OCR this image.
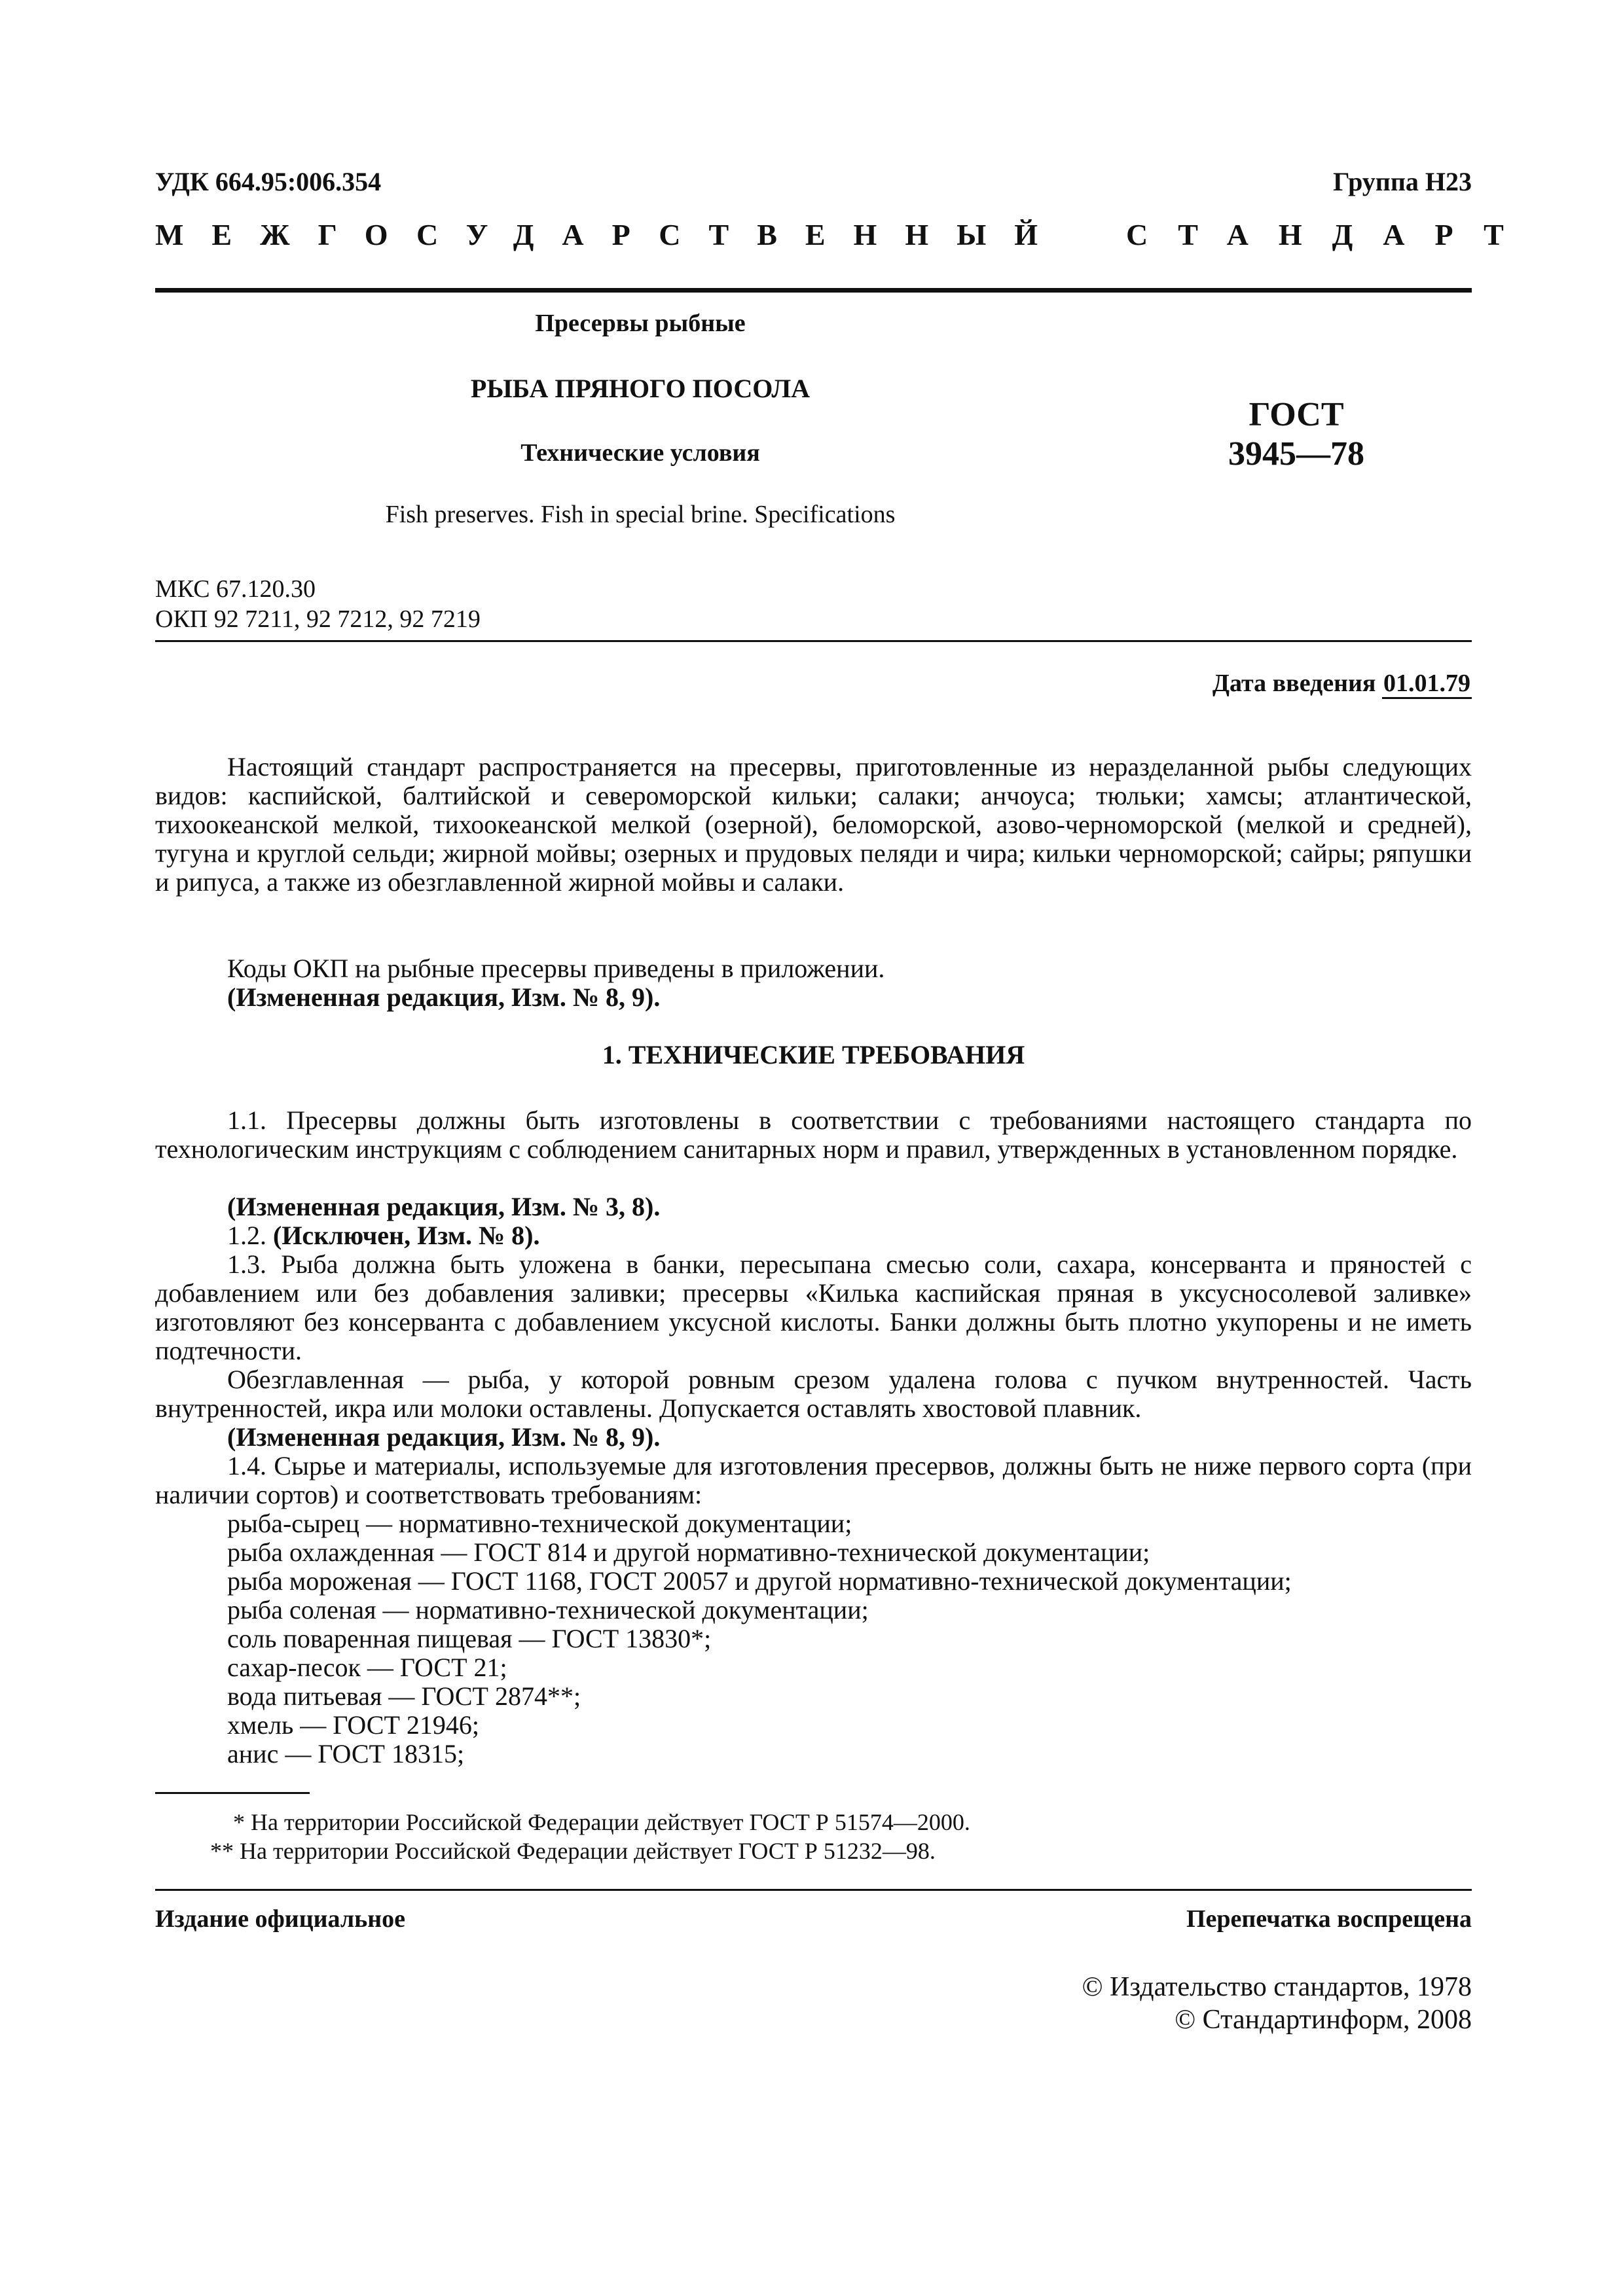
УДК 664.95:006.354	Группа Н23
МЕЖГОСУДАРСТВЕННЫЙ СТАНДАРТ
Пресервы рыбные
РЫБА ПРЯНОГО ПОСОЛА
Технические условия
Fish preserves. Fish in special brine. Specifications
ГОСТ
3945—78
МКС 67.120.30
ОКП 92 7211, 92 7212, 92 7219
Дата введения 01.01.79

Настоящий стандарт распространяется на пресервы, приготовленные из неразделанной рыбы следующих видов: каспийской, балтийской и североморской кильки; салаки; анчоуса; тюльки; хамсы; атлантической, тихоокеанской мелкой, тихоокеанской мелкой (озерной), беломорской, азово-черноморской (мелкой и средней), тугуна и круглой сельди; жирной мойвы; озерных и прудовых пеляди и чира; кильки черноморской; сайры; ряпушки и рипуса, а также из обезглавленной жирной мойвы и салаки.

Коды ОКП на рыбные пресервы приведены в приложении.
(Измененная редакция, Изм. № 8, 9).
1. ТЕХНИЧЕСКИЕ ТРЕБОВАНИЯ

1.1. Пресервы должны быть изготовлены в соответствии с требованиями настоящего стандарта по технологическим инструкциям с соблюдением санитарных норм и правил, утвержденных в установленном порядке.

(Измененная редакция, Изм. № 3, 8).
1.2. (Исключен, Изм. № 8).

1.3. Рыба должна быть уложена в банки, пересыпана смесью соли, сахара, консерванта и пряностей с добавлением или без добавления заливки; пресервы «Килька каспийская пряная в уксусносолевой заливке» изготовляют без консерванта с добавлением уксусной кислоты. Банки должны быть плотно укупорены и не иметь подтечности.

Обезглавленная — рыба, у которой ровным срезом удалена голова с пучком внутренностей. Часть внутренностей, икра или молоки оставлены. Допускается оставлять хвостовой плавник.

(Измененная редакция, Изм. № 8, 9).

1.4. Сырье и материалы, используемые для изготовления пресервов, должны быть не ниже первого сорта (при наличии сортов) и соответствовать требованиям:

рыба-сырец — нормативно-технической документации;
рыба охлажденная — ГОСТ 814 и другой нормативно-технической документации;
рыба мороженая — ГОСТ 1168, ГОСТ 20057 и другой нормативно-технической документации;
рыба соленая — нормативно-технической документации;
соль поваренная пищевая — ГОСТ 13830*;
сахар-песок — ГОСТ 21;
вода питьевая — ГОСТ 2874**;
хмель — ГОСТ 21946;
анис — ГОСТ 18315;
* На территории Российской Федерации действует ГОСТ Р 51574—2000.
** На территории Российской Федерации действует ГОСТ Р 51232—98.
Издание официальное	Перепечатка воспрещена
© Издательство стандартов, 1978
© Стандартинформ, 2008
